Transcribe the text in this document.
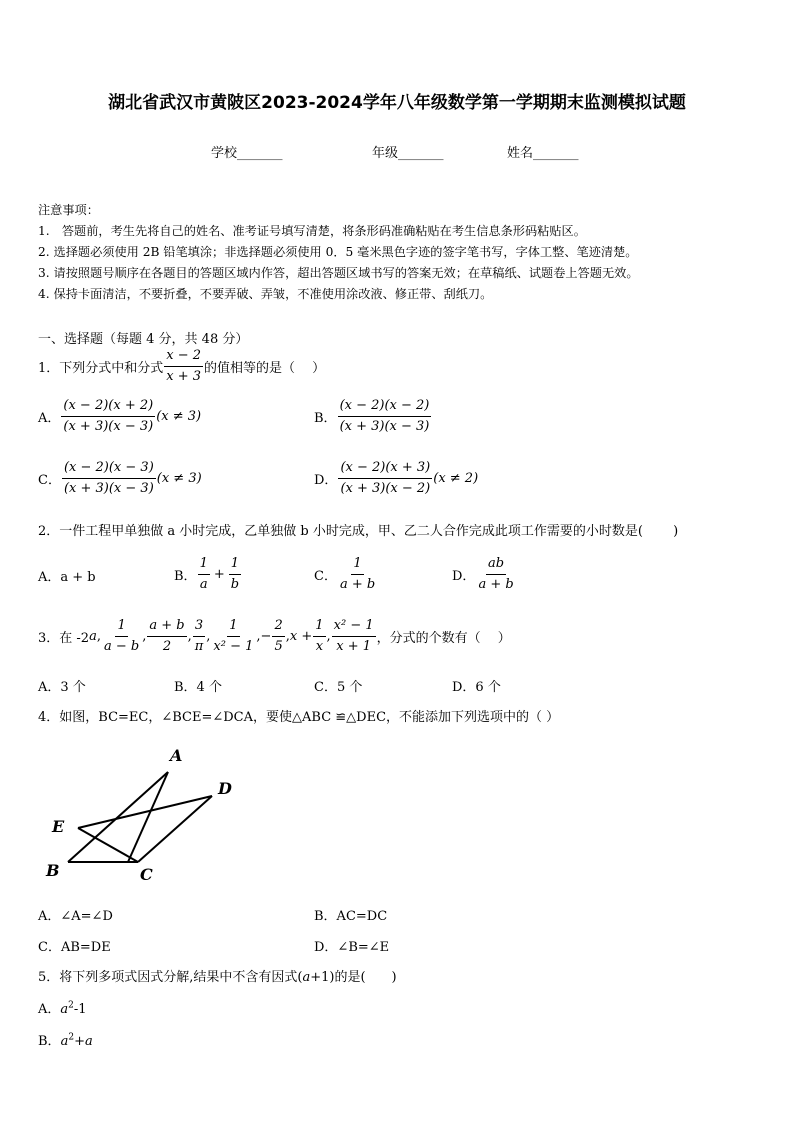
湖北省武汉市黄陂区2023-2024学年八年级数学第一学期期末监测模拟试题
学校_______	年级_______	姓名_______
注意事项：
1.　答题前，考生先将自己的姓名、准考证号填写清楚，将条形码准确粘贴在考生信息条形码粘贴区。
2. 选择题必须使用 2B 铅笔填涂；非选择题必须使用 0．5 毫米黑色字迹的签字笔书写，字体工整、笔迹清楚。
3. 请按照题号顺序在各题目的答题区域内作答，超出答题区域书写的答案无效；在草稿纸、试题卷上答题无效。
4. 保持卡面清洁，不要折叠，不要弄破、弄皱，不准使用涂改液、修正带、刮纸刀。
一、选择题（每题 4 分，共 48 分）
1．下列分式中和分式 $\frac{x - 2}{x + 3}$ 的值相等的是（　 ）
A． $\frac{(x - 2)(x + 2)}{(x + 3)(x - 3)} (x \ne 3)$	B． $\frac{(x - 2)(x - 2)}{(x + 3)(x - 3)}$
C． $\frac{(x - 2)(x - 3)}{(x + 3)(x - 3)} (x \ne 3)$	D． $\frac{(x - 2)(x + 3)}{(x + 3)(x - 2)} (x \ne 2)$
2．一件工程甲单独做 a 小时完成，乙单独做 b 小时完成，甲、乙二人合作完成此项工作需要的小时数是(　 　)
A．a + b	B． $\frac{1}{a} + \frac{1}{b}$	C． $\frac{1}{a + b}$	D． $\frac{ab}{a + b}$
3．在 -2 a , $\frac{1}{a - b}$ , $\frac{a + b}{2}$ , $\frac{3}{\pi}$ , $\frac{1}{\text{x² − 1}}$ , − $\frac{2}{5}$ , $x + \frac{1}{x}$ , $\frac{\text{x² − 1}}{x + 1}$ ，分式的个数有（　 ）
A．3 个	B．4 个	C．5 个	D．6 个
4．如图，BC=EC，∠BCE=∠DCA，要使△ABC ≌△DEC，不能添加下列选项中的（ ）
A
D
E
B	C
A．∠A=∠D	B．AC=DC
C．AB=DE	D．∠B=∠E
5．将下列多项式因式分解,结果中不含有因式(a+1)的是(　　)
A．$a^2-1$
B．$a^2+a$
